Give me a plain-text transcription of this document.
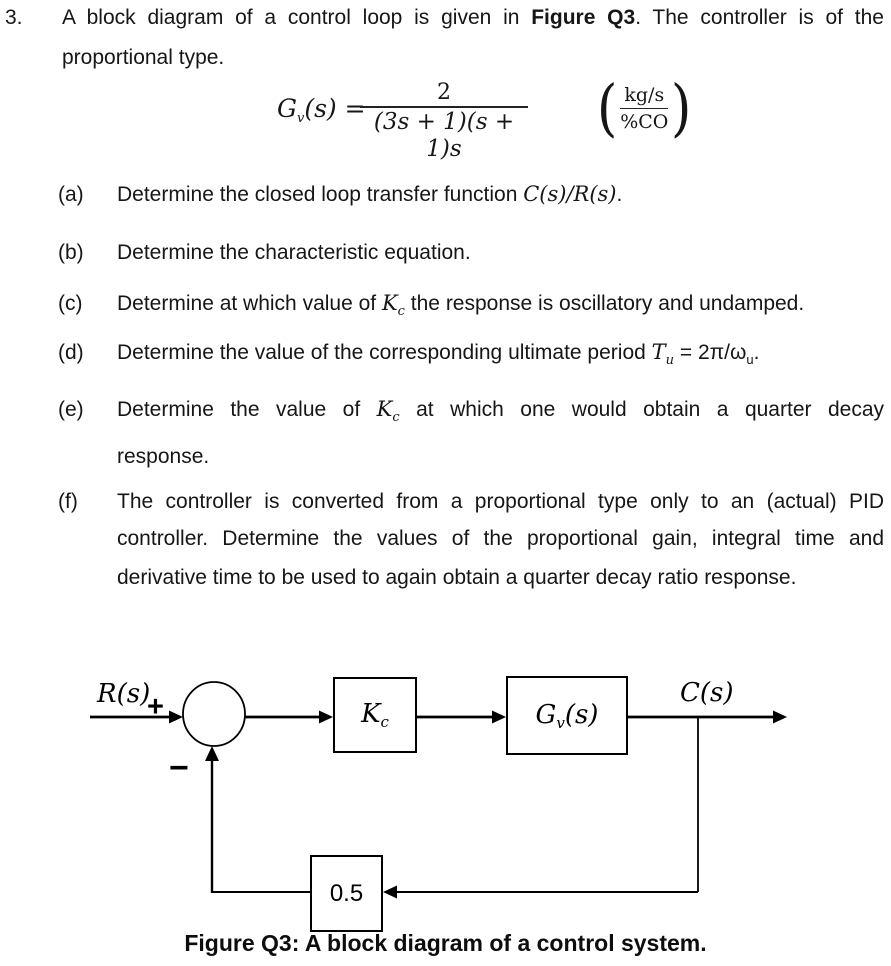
3. A block diagram of a control loop is given in Figure Q3. The controller is of the
proportional type.
$G_v(s)$ =
2
(3s + 1)(s + 1)s
( $\frac{kg/s}{\%CO}$ )
(a) Determine the closed loop transfer function C(s)/R(s).
(b) Determine the characteristic equation.
(c) Determine at which value of $K_c$ the response is oscillatory and undamped.
(d) Determine the value of the corresponding ultimate period $T_u = 2\pi/\omega_u$.
(e) Determine the value of $K_c$ at which one would obtain a quarter decay
response.
(f) The controller is converted from a proportional type only to an (actual) PID
controller. Determine the values of the proportional gain, integral time and
derivative time to be used to again obtain a quarter decay ratio response.
Kc	Gv(s)
0.5
R(s)
+
−
C(s)
Figure Q3: A block diagram of a control system.
